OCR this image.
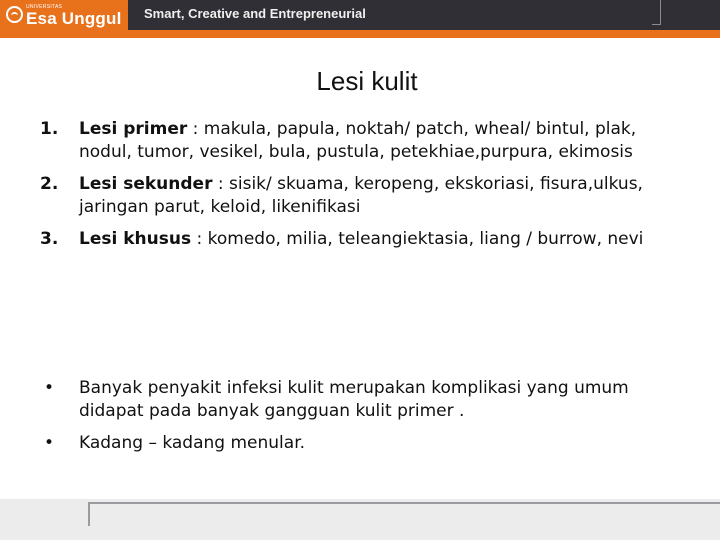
UNIVERSITAS
Esa Unggul Smart, Creative and Entrepreneurial
Lesi kulit
1. Lesi primer : makula, papula, noktah/ patch, wheal/ bintul, plak, nodul, tumor, vesikel, bula, pustula, petekhiae,purpura, ekimosis
2. Lesi sekunder : sisik/ skuama, keropeng, ekskoriasi, fisura,ulkus, jaringan parut, keloid, likenifikasi
3. Lesi khusus : komedo, milia, teleangiektasia, liang / burrow, nevi
• Banyak penyakit infeksi kulit merupakan komplikasi yang umum didapat pada banyak gangguan kulit primer .
• Kadang – kadang menular.
